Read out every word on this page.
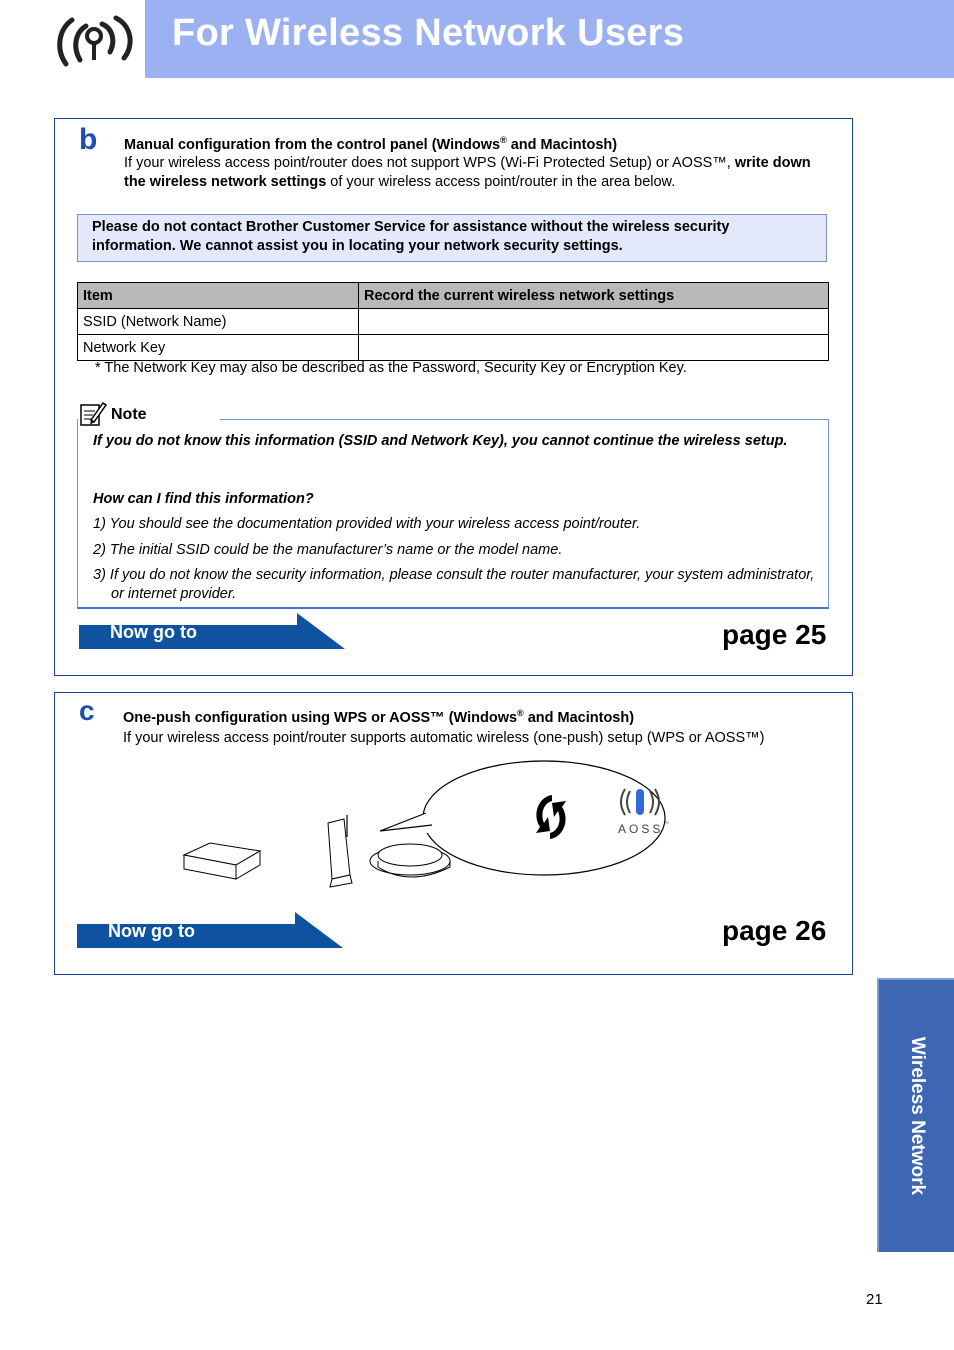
For Wireless Network Users
b Manual configuration from the control panel (Windows® and Macintosh)
If your wireless access point/router does not support WPS (Wi-Fi Protected Setup) or AOSS™, write down the wireless network settings of your wireless access point/router in the area below.
Please do not contact Brother Customer Service for assistance without the wireless security information. We cannot assist you in locating your network security settings.
Item	Record the current wireless network settings
SSID (Network Name)	
Network Key	
* The Network Key may also be described as the Password, Security Key or Encryption Key.
Note
If you do not know this information (SSID and Network Key), you cannot continue the wireless setup.
How can I find this information?
1) You should see the documentation provided with your wireless access point/router.
2) The initial SSID could be the manufacturer’s name or the model name.
3) If you do not know the security information, please consult the router manufacturer, your system administrator, or internet provider.
Now go to	page 25
c One-push configuration using WPS or AOSS™ (Windows® and Macintosh)
If your wireless access point/router supports automatic wireless (one-push) setup (WPS or AOSS™)
AOSS ™
Now go to	page 26
Wireless Network
21
